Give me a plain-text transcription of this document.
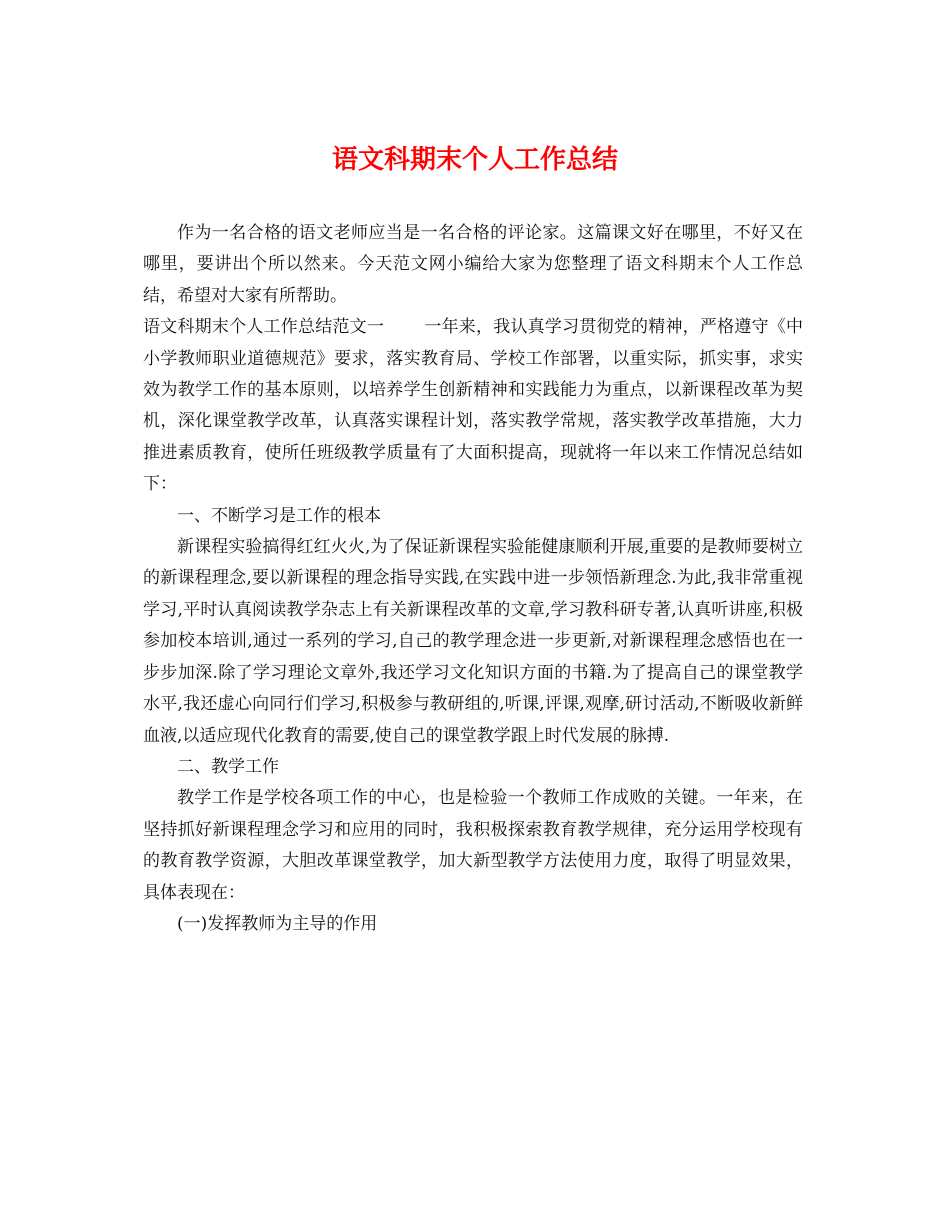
语文科期末个人工作总结

作为一名合格的语文老师应当是一名合格的评论家。这篇课文好在哪里，不好又在哪里，要讲出个所以然来。今天范文网小编给大家为您整理了语文科期末个人工作总结，希望对大家有所帮助。

语文科期末个人工作总结范文一 一年来，我认真学习贯彻党的精神，严格遵守《中小学教师职业道德规范》要求，落实教育局、学校工作部署，以重实际，抓实事，求实效为教学工作的基本原则，以培养学生创新精神和实践能力为重点，以新课程改革为契机，深化课堂教学改革，认真落实课程计划，落实教学常规，落实教学改革措施，大力推进素质教育，使所任班级教学质量有了大面积提高，现就将一年以来工作情况总结如下：

一、不断学习是工作的根本

新课程实验搞得红红火火,为了保证新课程实验能健康顺利开展,重要的是教师要树立的新课程理念,要以新课程的理念指导实践,在实践中进一步领悟新理念.为此,我非常重视学习,平时认真阅读教学杂志上有关新课程改革的文章,学习教科研专著,认真听讲座,积极参加校本培训,通过一系列的学习,自己的教学理念进一步更新,对新课程理念感悟也在一步步加深.除了学习理论文章外,我还学习文化知识方面的书籍.为了提高自己的课堂教学水平,我还虚心向同行们学习,积极参与教研组的,听课,评课,观摩,研讨活动,不断吸收新鲜血液,以适应现代化教育的需要,使自己的课堂教学跟上时代发展的脉搏.

二、教学工作

教学工作是学校各项工作的中心，也是检验一个教师工作成败的关键。一年来，在坚持抓好新课程理念学习和应用的同时，我积极探索教育教学规律，充分运用学校现有的教育教学资源，大胆改革课堂教学，加大新型教学方法使用力度，取得了明显效果，具体表现在：

(一)发挥教师为主导的作用
